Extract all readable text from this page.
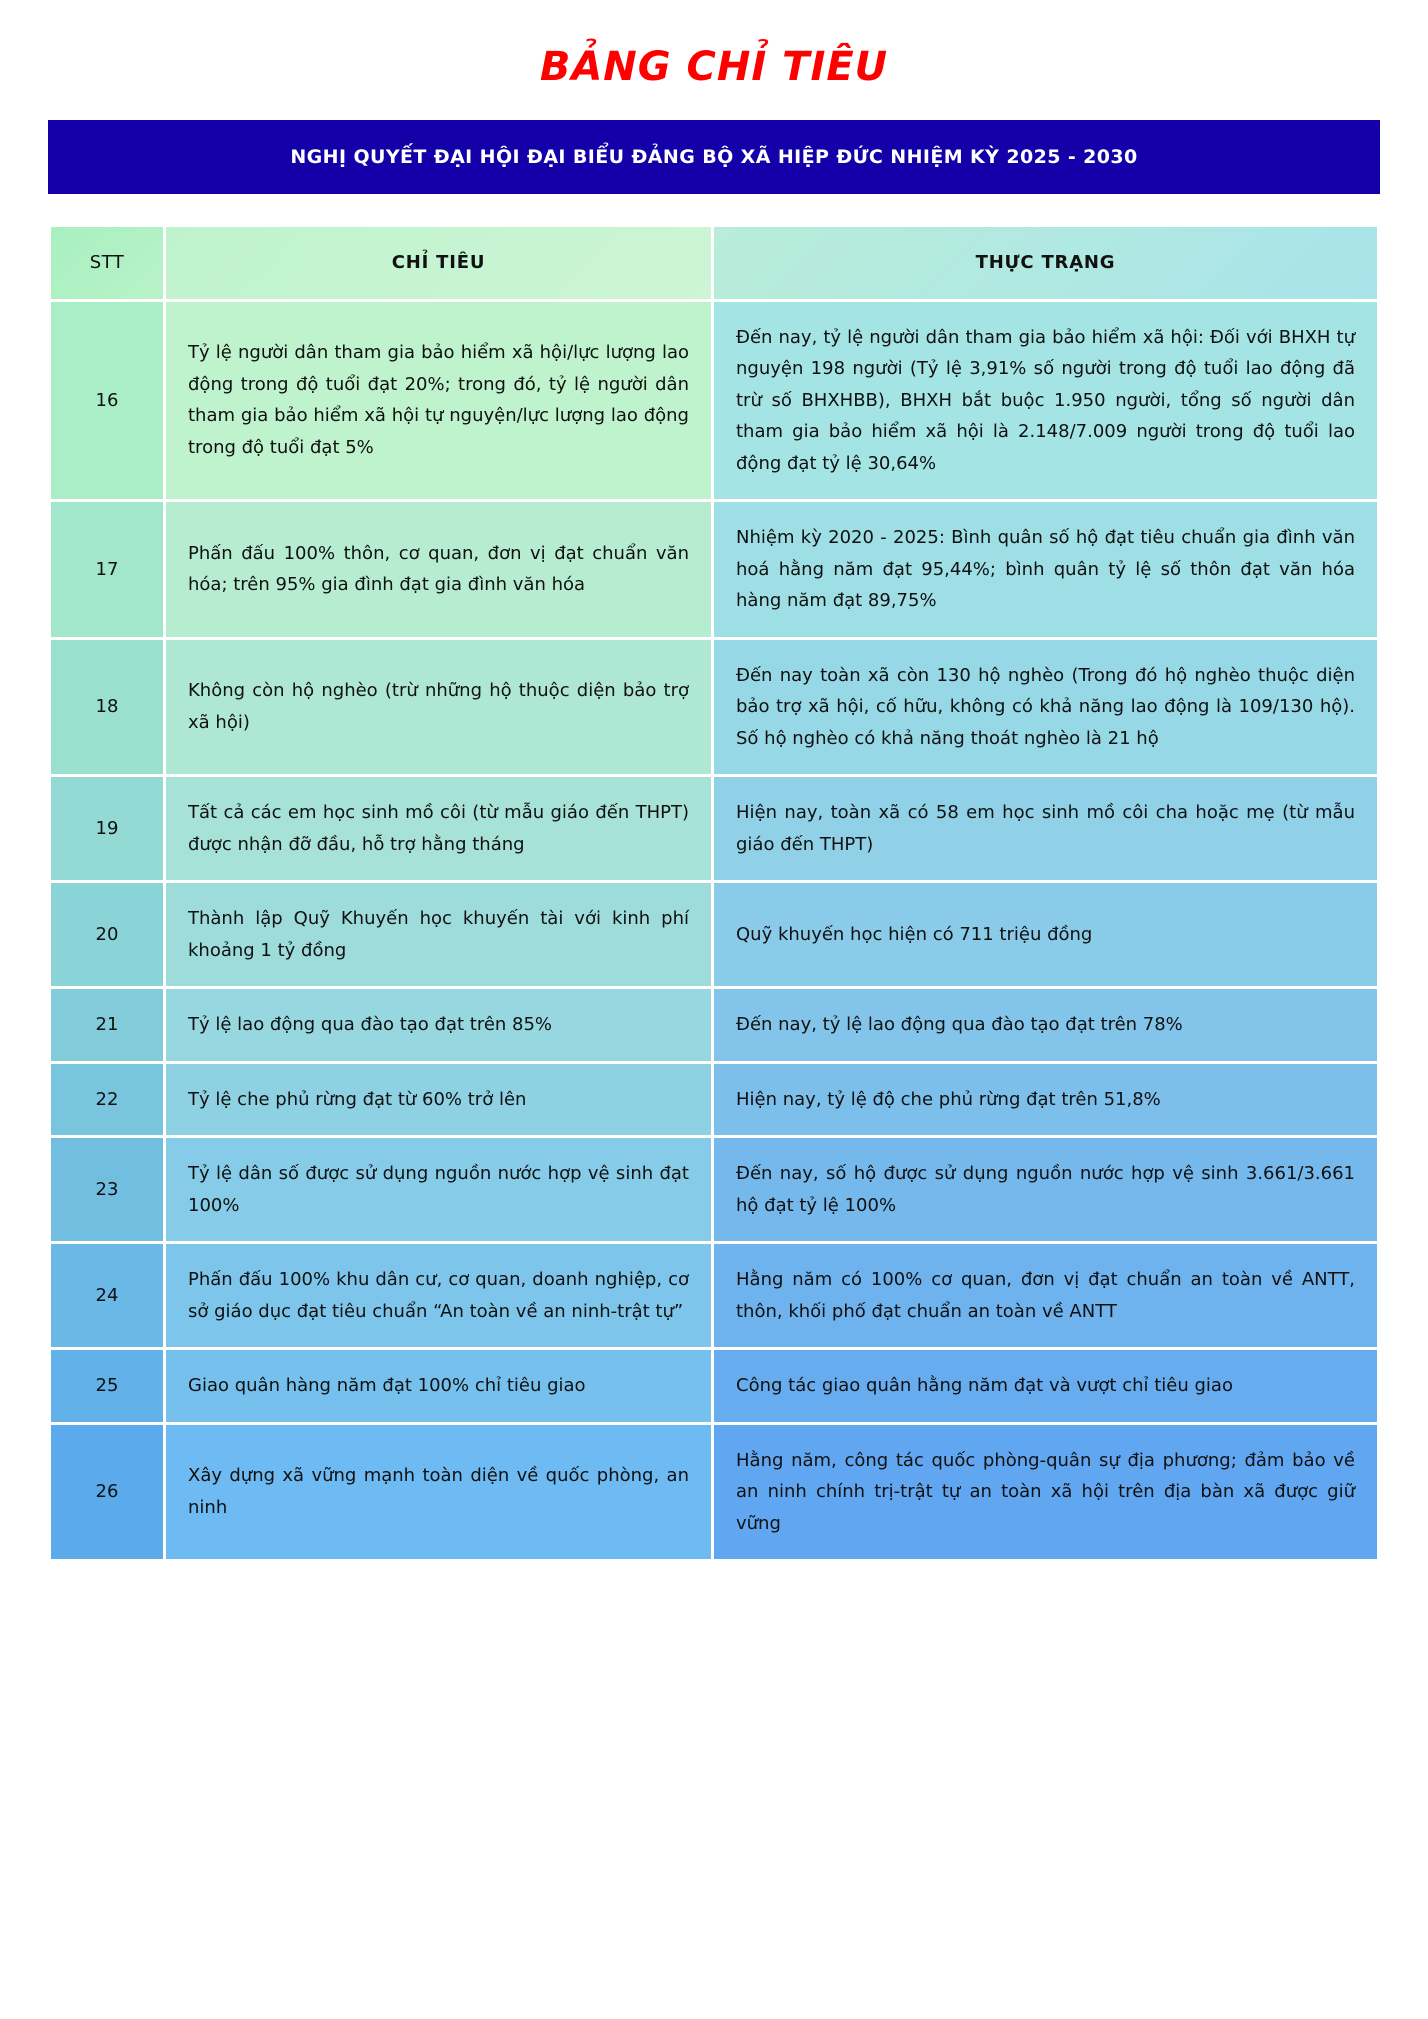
BẢNG CHỈ TIÊU
NGHỊ QUYẾT ĐẠI HỘI ĐẠI BIỂU ĐẢNG BỘ XÃ HIỆP ĐỨC NHIỆM KỲ 2025 - 2030
STT	CHỈ TIÊU	THỰC TRẠNG
16	Tỷ lệ người dân tham gia bảo hiểm xã hội/lực lượng lao động trong độ tuổi đạt 20%; trong đó, tỷ lệ người dân tham gia bảo hiểm xã hội tự nguyện/lực lượng lao động trong độ tuổi đạt 5%	Đến nay, tỷ lệ người dân tham gia bảo hiểm xã hội: Đối với BHXH tự nguyện 198 người (Tỷ lệ 3,91% số người trong độ tuổi lao động đã trừ số BHXHBB), BHXH bắt buộc 1.950 người, tổng số người dân tham gia bảo hiểm xã hội là 2.148/7.009 người trong độ tuổi lao động đạt tỷ lệ 30,64%
17	Phấn đấu 100% thôn, cơ quan, đơn vị đạt chuẩn văn hóa; trên 95% gia đình đạt gia đình văn hóa	Nhiệm kỳ 2020 - 2025: Bình quân số hộ đạt tiêu chuẩn gia đình văn hoá hằng năm đạt 95,44%; bình quân tỷ lệ số thôn đạt văn hóa hàng năm đạt 89,75%
18	Không còn hộ nghèo (trừ những hộ thuộc diện bảo trợ xã hội)	Đến nay toàn xã còn 130 hộ nghèo (Trong đó hộ nghèo thuộc diện bảo trợ xã hội, cố hữu, không có khả năng lao động là 109/130 hộ). Số hộ nghèo có khả năng thoát nghèo là 21 hộ
19	Tất cả các em học sinh mồ côi (từ mẫu giáo đến THPT) được nhận đỡ đầu, hỗ trợ hằng tháng	Hiện nay, toàn xã có 58 em học sinh mồ côi cha hoặc mẹ (từ mẫu giáo đến THPT)
20	Thành lập Quỹ Khuyến học khuyến tài với kinh phí khoảng 1 tỷ đồng	Quỹ khuyến học hiện có 711 triệu đồng
21	Tỷ lệ lao động qua đào tạo đạt trên 85%	Đến nay, tỷ lệ lao động qua đào tạo đạt trên 78%
22	Tỷ lệ che phủ rừng đạt từ 60% trở lên	Hiện nay, tỷ lệ độ che phủ rừng đạt trên 51,8%
23	Tỷ lệ dân số được sử dụng nguồn nước hợp vệ sinh đạt 100%	Đến nay, số hộ được sử dụng nguồn nước hợp vệ sinh 3.661/3.661 hộ đạt tỷ lệ 100%
24	Phấn đấu 100% khu dân cư, cơ quan, doanh nghiệp, cơ sở giáo dục đạt tiêu chuẩn “An toàn về an ninh-trật tự”	Hằng năm có 100% cơ quan, đơn vị đạt chuẩn an toàn về ANTT, thôn, khối phố đạt chuẩn an toàn về ANTT
25	Giao quân hàng năm đạt 100% chỉ tiêu giao	Công tác giao quân hằng năm đạt và vượt chỉ tiêu giao
26	Xây dựng xã vững mạnh toàn diện về quốc phòng, an ninh	Hằng năm, công tác quốc phòng-quân sự địa phương; đảm bảo về an ninh chính trị-trật tự an toàn xã hội trên địa bàn xã được giữ vững
